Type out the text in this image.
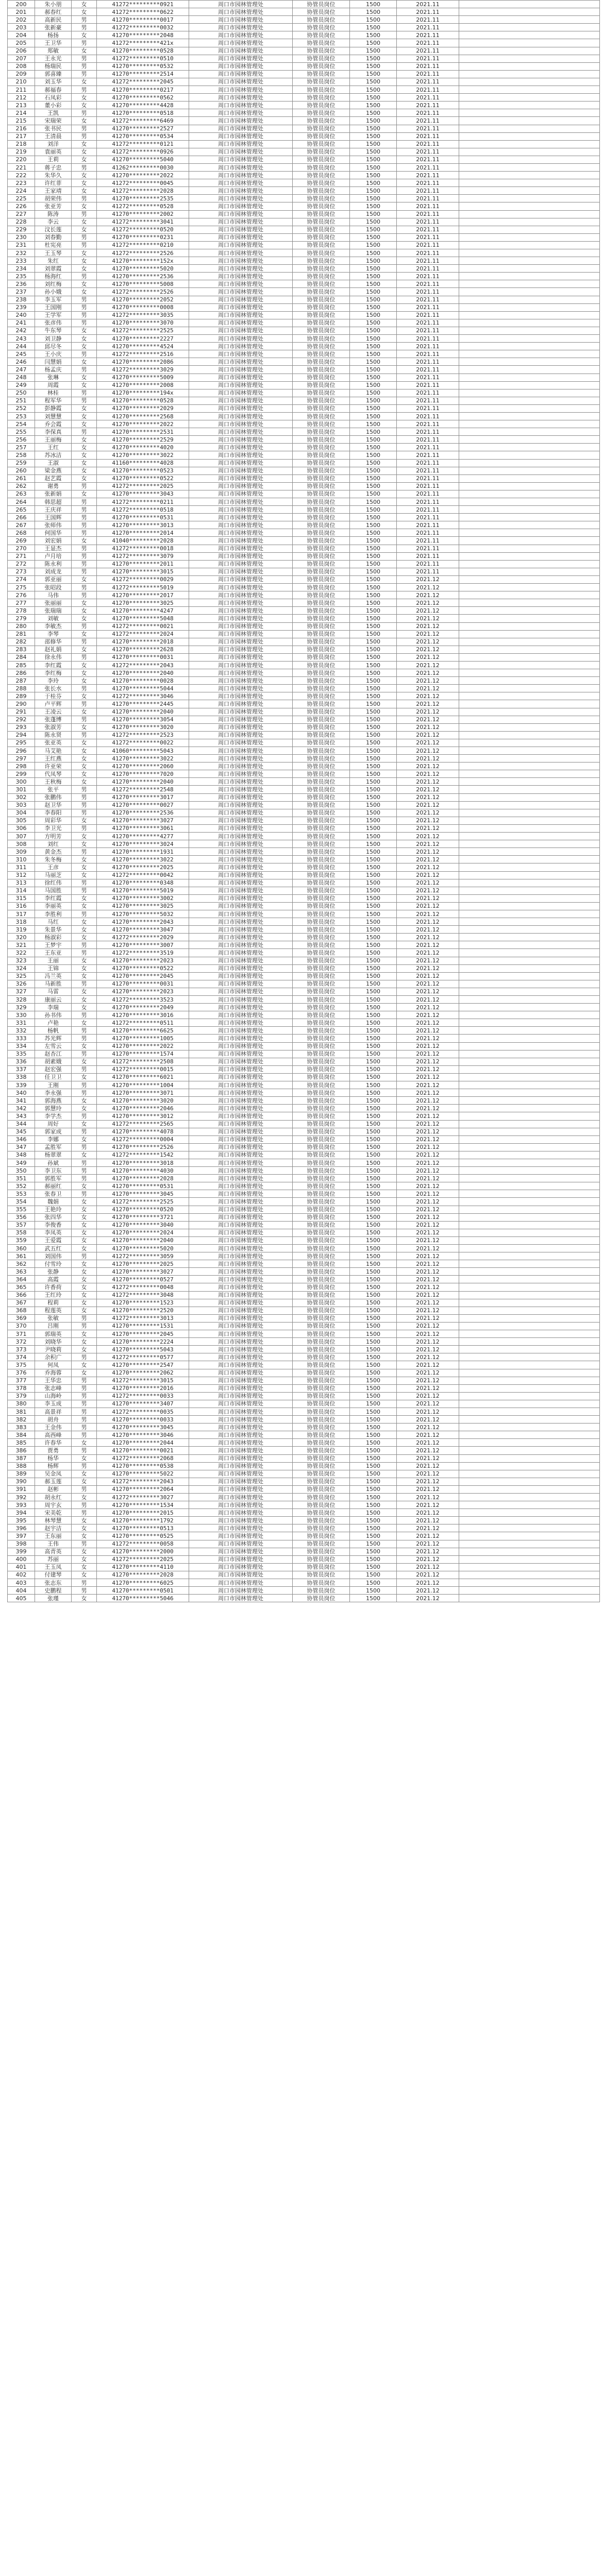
200	朱小朋	女	41272*********0921	周口市园林管理处	协管员岗位	1500	2021.11	
201	郝春红	女	41272*********0622	周口市园林管理处	协管员岗位	1500	2021.11	
202	高新民	男	41270*********0017	周口市园林管理处	协管员岗位	1500	2021.11	
203	张新豪	男	41272*********0032	周口市园林管理处	协管员岗位	1500	2021.11	
204	杨扬	女	41270*********2048	周口市园林管理处	协管员岗位	1500	2021.11	
205	王卫华	男	41272*********421x	周口市园林管理处	协管员岗位	1500	2021.11	
206	郑敏	女	41270*********0528	周口市园林管理处	协管员岗位	1500	2021.11	
207	王永光	男	41272*********0510	周口市园林管理处	协管员岗位	1500	2021.11	
208	杨瑞民	男	41270*********0532	周口市园林管理处	协管员岗位	1500	2021.11	
209	郭喜臻	男	41270*********2514	周口市园林管理处	协管员岗位	1500	2021.11	
210	刘玉华	女	41272*********2045	周口市园林管理处	协管员岗位	1500	2021.11	
211	郝福春	男	41270*********0217	周口市园林管理处	协管员岗位	1500	2021.11	
212	石凤彩	女	41270*********0562	周口市园林管理处	协管员岗位	1500	2021.11	
213	董小彩	女	41270*********4428	周口市园林管理处	协管员岗位	1500	2021.11	
214	王凯	男	41270*********0518	周口市园林管理处	协管员岗位	1500	2021.11	
215	宋瑞荣	女	41272*********6469	周口市园林管理处	协管员岗位	1500	2021.11	
216	张书民	男	41270*********2527	周口市园林管理处	协管员岗位	1500	2021.11	
217	王清晨	男	41270*********0534	周口市园林管理处	协管员岗位	1500	2021.11	
218	刘洋	女	41272*********0121	周口市园林管理处	协管员岗位	1500	2021.11	
219	袁丽英	女	41272*********0926	周口市园林管理处	协管员岗位	1500	2021.11	
220	王莉	女	41270*********5040	周口市园林管理处	协管员岗位	1500	2021.11	
221	蒋子忠	男	41262*********0030	周口市园林管理处	协管员岗位	1500	2021.11	
222	朱华久	女	41270*********2022	周口市园林管理处	协管员岗位	1500	2021.11	
223	许红菲	女	41272*********0045	周口市园林管理处	协管员岗位	1500	2021.11	
224	王家靖	女	41272*********2028	周口市园林管理处	协管员岗位	1500	2021.11	
225	胡荣伟	男	41270*********2535	周口市园林管理处	协管员岗位	1500	2021.11	
226	张亚芳	女	41272*********0528	周口市园林管理处	协管员岗位	1500	2021.11	
227	陈涛	男	41270*********2002	周口市园林管理处	协管员岗位	1500	2021.11	
228	李云	女	41272*********3041	周口市园林管理处	协管员岗位	1500	2021.11	
229	汶长莲	女	41272*********0520	周口市园林管理处	协管员岗位	1500	2021.11	
230	刘春勤	男	41270*********0231	周口市园林管理处	协管员岗位	1500	2021.11	
231	杜宪亮	男	41272*********0210	周口市园林管理处	协管员岗位	1500	2021.11	
232	王玉琴	女	41272*********2526	周口市园林管理处	协管员岗位	1500	2021.11	
233	朱红	女	41270*********152x	周口市园林管理处	协管员岗位	1500	2021.11	
234	刘翠霞	女	41270*********5020	周口市园林管理处	协管员岗位	1500	2021.11	
235	杨海红	男	41270*********2536	周口市园林管理处	协管员岗位	1500	2021.11	
236	刘红梅	女	41270*********5008	周口市园林管理处	协管员岗位	1500	2021.11	
237	孙小娥	女	41272*********2526	周口市园林管理处	协管员岗位	1500	2021.11	
238	李玉军	男	41270*********2052	周口市园林管理处	协管员岗位	1500	2021.11	
239	王国刚	男	41270*********0008	周口市园林管理处	协管员岗位	1500	2021.11	
240	王学军	男	41272*********3035	周口市园林管理处	协管员岗位	1500	2021.11	
241	张彦伟	男	41270*********3070	周口市园林管理处	协管员岗位	1500	2021.11	
242	牛东琴	女	41272*********2525	周口市园林管理处	协管员岗位	1500	2021.11	
243	刘卫静	女	41270*********2227	周口市园林管理处	协管员岗位	1500	2021.11	
244	邱尽冬	女	41270*********4524	周口市园林管理处	协管员岗位	1500	2021.11	
245	王小庆	男	41272*********2516	周口市园林管理处	协管员岗位	1500	2021.11	
246	闫慧娟	女	41270*********2086	周口市园林管理处	协管员岗位	1500	2021.11	
247	杨孟庆	男	41272*********3029	周口市园林管理处	协管员岗位	1500	2021.11	
248	张琳	女	41270*********5009	周口市园林管理处	协管员岗位	1500	2021.11	
249	周霞	女	41270*********2008	周口市园林管理处	协管员岗位	1500	2021.11	
250	林桂	男	41270*********194x	周口市园林管理处	协管员岗位	1500	2021.11	
251	程军华	男	41270*********0528	周口市园林管理处	协管员岗位	1500	2021.11	
252	彭静霞	女	41270*********2029	周口市园林管理处	协管员岗位	1500	2021.11	
253	刘慧慧	女	41270*********2568	周口市园林管理处	协管员岗位	1500	2021.11	
254	乔会霞	女	41270*********2022	周口市园林管理处	协管员岗位	1500	2021.11	
255	李保真	男	41270*********2531	周口市园林管理处	协管员岗位	1500	2021.11	
256	王丽梅	女	41270*********2529	周口市园林管理处	协管员岗位	1500	2021.11	
257	王红	女	41270*********4020	周口市园林管理处	协管员岗位	1500	2021.11	
258	苏冰洁	女	41270*********3022	周口市园林管理处	协管员岗位	1500	2021.11	
259	王淑	女	41160*********4028	周口市园林管理处	协管员岗位	1500	2021.11	
260	梁金燕	女	41270*********0523	周口市园林管理处	协管员岗位	1500	2021.11	
261	赵艺霞	女	41270*********0522	周口市园林管理处	协管员岗位	1500	2021.11	
262	谢勇	男	41272*********2025	周口市园林管理处	协管员岗位	1500	2021.11	
263	张新娟	女	41270*********3043	周口市园林管理处	协管员岗位	1500	2021.11	
264	韩思超	男	41272*********0211	周口市园林管理处	协管员岗位	1500	2021.11	
265	王庆祥	男	41272*********0518	周口市园林管理处	协管员岗位	1500	2021.11	
266	王国辉	男	41270*********0531	周口市园林管理处	协管员岗位	1500	2021.11	
267	张师伟	男	41270*********3013	周口市园林管理处	协管员岗位	1500	2021.11	
268	何国华	男	41270*********2014	周口市园林管理处	协管员岗位	1500	2021.11	
269	刘宏娟	女	41040*********2028	周口市园林管理处	协管员岗位	1500	2021.11	
270	王显杰	男	41272*********0018	周口市园林管理处	协管员岗位	1500	2021.11	
271	卢月培	男	41272*********3079	周口市园林管理处	协管员岗位	1500	2021.11	
272	陈永利	男	41270*********2011	周口市园林管理处	协管员岗位	1500	2021.11	
273	刘成龙	男	41270*********3015	周口市园林管理处	协管员岗位	1500	2021.11	
274	郭亚丽	女	41272*********0029	周口市园林管理处	协管员岗位	1500	2021.12	
275	张昭段	男	41272*********5019	周口市园林管理处	协管员岗位	1500	2021.12	
276	马伟	男	41270*********2017	周口市园林管理处	协管员岗位	1500	2021.12	
277	张丽丽	女	41270*********3025	周口市园林管理处	协管员岗位	1500	2021.12	
278	张瑞瑞	女	41270*********4247	周口市园林管理处	协管员岗位	1500	2021.12	
279	刘敏	女	41270*********5048	周口市园林管理处	协管员岗位	1500	2021.12	
280	李敏杰	男	41272*********0021	周口市园林管理处	协管员岗位	1500	2021.12	
281	李琴	女	41272*********2024	周口市园林管理处	协管员岗位	1500	2021.12	
282	邵修华	男	41270*********2018	周口市园林管理处	协管员岗位	1500	2021.12	
283	赵礼娟	女	41270*********2628	周口市园林管理处	协管员岗位	1500	2021.12	
284	徐永伟	男	41270*********0031	周口市园林管理处	协管员岗位	1500	2021.12	
285	李红霞	女	41272*********2043	周口市园林管理处	协管员岗位	1500	2021.12	
286	李红梅	女	41270*********2040	周口市园林管理处	协管员岗位	1500	2021.12	
287	李玲	女	41270*********0028	周口市园林管理处	协管员岗位	1500	2021.12	
288	张长水	男	41270*********5044	周口市园林管理处	协管员岗位	1500	2021.12	
289	于桂芬	女	41272*********3046	周口市园林管理处	协管员岗位	1500	2021.12	
290	卢平辉	男	41270*********2445	周口市园林管理处	协管员岗位	1500	2021.12	
291	王凌云	女	41270*********2040	周口市园林管理处	协管员岗位	1500	2021.12	
292	张蓬博	男	41270*********3054	周口市园林管理处	协管员岗位	1500	2021.12	
293	张淑芳	女	41270*********3020	周口市园林管理处	协管员岗位	1500	2021.12	
294	陈永贤	男	41272*********2523	周口市园林管理处	协管员岗位	1500	2021.12	
295	张亚英	女	41272*********0022	周口市园林管理处	协管员岗位	1500	2021.12	
296	马艾艳	女	41060*********5043	周口市园林管理处	协管员岗位	1500	2021.12	
297	王红燕	女	41270*********3022	周口市园林管理处	协管员岗位	1500	2021.12	
298	许亚荣	女	41270*********2060	周口市园林管理处	协管员岗位	1500	2021.12	
299	代凤琴	女	41270*********7020	周口市园林管理处	协管员岗位	1500	2021.12	
300	王秋梅	女	41270*********2040	周口市园林管理处	协管员岗位	1500	2021.12	
301	张平	男	41272*********2548	周口市园林管理处	协管员岗位	1500	2021.12	
302	张鹏伟	男	41270*********3017	周口市园林管理处	协管员岗位	1500	2021.12	
303	赵卫华	男	41270*********0027	周口市园林管理处	协管员岗位	1500	2021.12	
304	李春阳	男	41270*********2536	周口市园林管理处	协管员岗位	1500	2021.12	
305	周彩华	女	41270*********3027	周口市园林管理处	协管员岗位	1500	2021.12	
306	李卫光	男	41270*********3061	周口市园林管理处	协管员岗位	1500	2021.12	
307	方明芳	女	41270*********4277	周口市园林管理处	协管员岗位	1500	2021.12	
308	刘红	女	41270*********3024	周口市园林管理处	协管员岗位	1500	2021.12	
309	黄金杰	男	41270*********1931	周口市园林管理处	协管员岗位	1500	2021.12	
310	朱冬梅	女	41270*********3022	周口市园林管理处	协管员岗位	1500	2021.12	
311	王彦	女	41270*********2025	周口市园林管理处	协管员岗位	1500	2021.12	
312	马丽芝	女	41272*********0042	周口市园林管理处	协管员岗位	1500	2021.12	
313	徐红伟	男	41270*********0348	周口市园林管理处	协管员岗位	1500	2021.12	
314	马国胜	男	41270*********5019	周口市园林管理处	协管员岗位	1500	2021.12	
315	李红霞	女	41270*********3002	周口市园林管理处	协管员岗位	1500	2021.12	
316	李丽英	女	41270*********3025	周口市园林管理处	协管员岗位	1500	2021.12	
317	李胜利	男	41270*********5032	周口市园林管理处	协管员岗位	1500	2021.12	
318	马红	女	41270*********2043	周口市园林管理处	协管员岗位	1500	2021.12	
319	朱景华	女	41270*********3047	周口市园林管理处	协管员岗位	1500	2021.12	
320	杨淑彩	女	41272*********2029	周口市园林管理处	协管员岗位	1500	2021.12	
321	王梦宇	男	41270*********3007	周口市园林管理处	协管员岗位	1500	2021.12	
322	王东亚	男	41272*********3519	周口市园林管理处	协管员岗位	1500	2021.12	
323	王丽	女	41270*********2023	周口市园林管理处	协管员岗位	1500	2021.12	
324	王锦	女	41270*********0522	周口市园林管理处	协管员岗位	1500	2021.12	
325	冯兰英	女	41270*********2045	周口市园林管理处	协管员岗位	1500	2021.12	
326	马新胜	男	41270*********0031	周口市园林管理处	协管员岗位	1500	2021.12	
327	马雷	女	41270*********2023	周口市园林管理处	协管员岗位	1500	2021.12	
328	康丽云	女	41272*********3523	周口市园林管理处	协管员岗位	1500	2021.12	
329	李瑞	女	41270*********2049	周口市园林管理处	协管员岗位	1500	2021.12	
330	孙书伟	男	41270*********3016	周口市园林管理处	协管员岗位	1500	2021.12	
331	卢艳	女	41272*********0511	周口市园林管理处	协管员岗位	1500	2021.12	
332	杨帆	男	41270*********6625	周口市园林管理处	协管员岗位	1500	2021.12	
333	苏光辉	男	41270*********1005	周口市园林管理处	协管员岗位	1500	2021.12	
334	左雪云	女	41270*********2022	周口市园林管理处	协管员岗位	1500	2021.12	
335	赵杏江	男	41270*********1574	周口市园林管理处	协管员岗位	1500	2021.12	
336	胡素娥	女	41272*********2508	周口市园林管理处	协管员岗位	1500	2021.12	
337	赵宏强	男	41272*********0015	周口市园林管理处	协管员岗位	1500	2021.12	
338	任卫卫	女	41270*********6021	周口市园林管理处	协管员岗位	1500	2021.12	
339	王刚	男	41270*********1004	周口市园林管理处	协管员岗位	1500	2021.12	
340	李永强	男	41270*********3071	周口市园林管理处	协管员岗位	1500	2021.12	
341	郭海燕	女	41270*********3020	周口市园林管理处	协管员岗位	1500	2021.12	
342	郭慧玲	女	41270*********2046	周口市园林管理处	协管员岗位	1500	2021.12	
343	李学杰	男	41270*********3012	周口市园林管理处	协管员岗位	1500	2021.12	
344	周好	女	41272*********2565	周口市园林管理处	协管员岗位	1500	2021.12	
345	郭家成	男	41270*********4078	周口市园林管理处	协管员岗位	1500	2021.12	
346	李娜	女	41272*********0004	周口市园林管理处	协管员岗位	1500	2021.12	
347	孟胜军	男	41270*********2526	周口市园林管理处	协管员岗位	1500	2021.12	
348	杨翠翠	女	41272*********1542	周口市园林管理处	协管员岗位	1500	2021.12	
349	孙斌	男	41270*********3018	周口市园林管理处	协管员岗位	1500	2021.12	
350	李卫东	男	41270*********4030	周口市园林管理处	协管员岗位	1500	2021.12	
351	郭胜军	男	41270*********2028	周口市园林管理处	协管员岗位	1500	2021.12	
352	郝丽红	女	41270*********0531	周口市园林管理处	协管员岗位	1500	2021.12	
353	张春卫	男	41270*********3045	周口市园林管理处	协管员岗位	1500	2021.12	
354	魏娟	女	41272*********2525	周口市园林管理处	协管员岗位	1500	2021.12	
355	王艳玲	女	41270*********0520	周口市园林管理处	协管员岗位	1500	2021.12	
356	张四华	女	41270*********3721	周口市园林管理处	协管员岗位	1500	2021.12	
357	李俊香	女	41270*********3040	周口市园林管理处	协管员岗位	1500	2021.12	
358	李凤英	女	41270*********2024	周口市园林管理处	协管员岗位	1500	2021.12	
359	王爱霞	女	41270*********2040	周口市园林管理处	协管员岗位	1500	2021.12	
360	武五红	女	41270*********5020	周口市园林管理处	协管员岗位	1500	2021.12	
361	刘国伟	男	41272*********3059	周口市园林管理处	协管员岗位	1500	2021.12	
362	付雪玲	女	41270*********2025	周口市园林管理处	协管员岗位	1500	2021.12	
363	张静	女	41270*********3027	周口市园林管理处	协管员岗位	1500	2021.12	
364	高霞	女	41270*********0527	周口市园林管理处	协管员岗位	1500	2021.12	
365	许香荷	女	41272*********0048	周口市园林管理处	协管员岗位	1500	2021.12	
366	王红玲	女	41272*********3048	周口市园林管理处	协管员岗位	1500	2021.12	
367	程莉	女	41270*********1523	周口市园林管理处	协管员岗位	1500	2021.12	
368	程莲英	女	41270*********2520	周口市园林管理处	协管员岗位	1500	2021.12	
369	张敏	男	41272*********3013	周口市园林管理处	协管员岗位	1500	2021.12	
370	吕刚	男	41270*********1531	周口市园林管理处	协管员岗位	1500	2021.12	
371	郭瑞英	女	41270*********2045	周口市园林管理处	协管员岗位	1500	2021.12	
372	刘晓华	女	41270*********2224	周口市园林管理处	协管员岗位	1500	2021.12	
373	尹晓莉	女	41270*********5043	周口市园林管理处	协管员岗位	1500	2021.12	
374	余积广	男	41272*********0577	周口市园林管理处	协管员岗位	1500	2021.12	
375	何凤	女	41270*********2547	周口市园林管理处	协管员岗位	1500	2021.12	
376	乔海蓉	女	41270*********2062	周口市园林管理处	协管员岗位	1500	2021.12	
377	王华忠	男	41272*********3015	周口市园林管理处	协管员岗位	1500	2021.12	
378	张志峰	男	41270*********2016	周口市园林管理处	协管员岗位	1500	2021.12	
379	山海岭	男	41272*********0033	周口市园林管理处	协管员岗位	1500	2021.12	
380	李玉成	男	41270*********3407	周口市园林管理处	协管员岗位	1500	2021.12	
381	高景祥	男	41272*********0035	周口市园林管理处	协管员岗位	1500	2021.12	
382	胡舟	男	41270*********0033	周口市园林管理处	协管员岗位	1500	2021.12	
383	王金伟	男	41270*********3045	周口市园林管理处	协管员岗位	1500	2021.12	
384	高西峰	男	41270*********3046	周口市园林管理处	协管员岗位	1500	2021.12	
385	许春华	女	41270*********2044	周口市园林管理处	协管员岗位	1500	2021.12	
386	贾勇	男	41270*********0021	周口市园林管理处	协管员岗位	1500	2021.12	
387	杨华	女	41272*********2068	周口市园林管理处	协管员岗位	1500	2021.12	
388	杨辉	男	41270*********0538	周口市园林管理处	协管员岗位	1500	2021.12	
389	吴金凤	女	41270*********5022	周口市园林管理处	协管员岗位	1500	2021.12	
390	郝玉莲	女	41272*********2043	周口市园林管理处	协管员岗位	1500	2021.12	
391	赵彬	男	41270*********2064	周口市园林管理处	协管员岗位	1500	2021.12	
392	胡永红	女	41272*********3027	周口市园林管理处	协管员岗位	1500	2021.12	
393	周宇玄	男	41270*********1534	周口市园林管理处	协管员岗位	1500	2021.12	
394	宋美乾	男	41270*********2015	周口市园林管理处	协管员岗位	1500	2021.12	
395	林琴慧	女	41270*********1792	周口市园林管理处	协管员岗位	1500	2021.12	
396	赵宇洁	女	41270*********0513	周口市园林管理处	协管员岗位	1500	2021.12	
397	王东丽	女	41270*********0525	周口市园林管理处	协管员岗位	1500	2021.12	
398	王伟	男	41272*********0058	周口市园林管理处	协管员岗位	1500	2021.12	
399	高青英	女	41270*********2000	周口市园林管理处	协管员岗位	1500	2021.12	
400	苏丽	女	41272*********2025	周口市园林管理处	协管员岗位	1500	2021.12	
401	王玉凤	女	41270*********4110	周口市园林管理处	协管员岗位	1500	2021.12	
402	付建琴	女	41270*********2028	周口市园林管理处	协管员岗位	1500	2021.12	
403	张志东	男	41270*********6025	周口市园林管理处	协管员岗位	1500	2021.12	
404	史鹏程	男	41270*********0501	周口市园林管理处	协管员岗位	1500	2021.12	
405	张瑾	女	41270*********5046	周口市园林管理处	协管员岗位	1500	2021.12	
